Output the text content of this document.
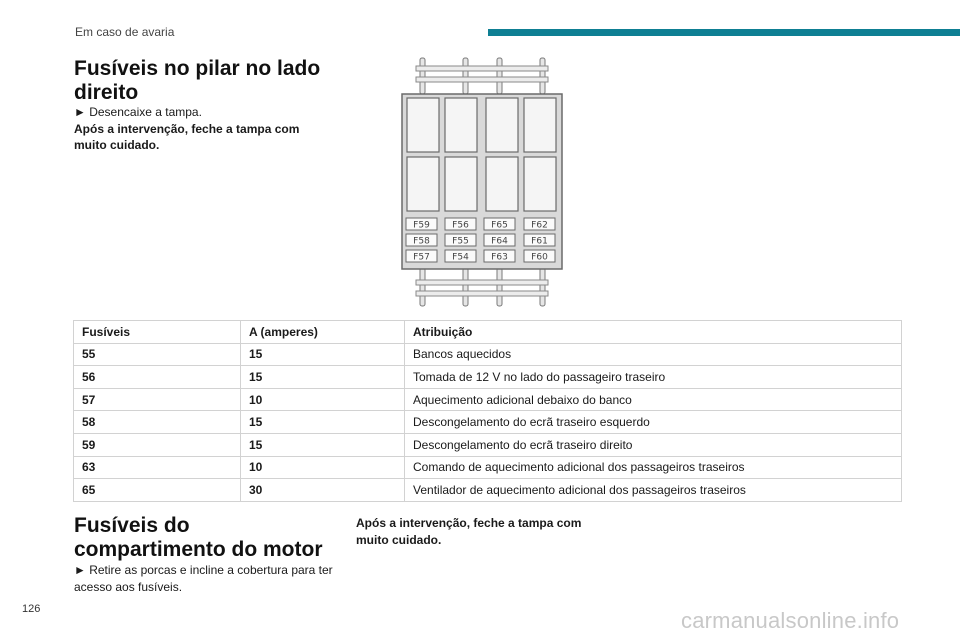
Em caso de avaria
Fusíveis no pilar no lado direito
► Desencaixe a tampa.
Após a intervenção, feche a tampa com muito cuidado.
F59 F56 F65	F62
F58 F55 F64	F61
F57 F54 F63	F60
Fusíveis	A (amperes)	Atribuição
55	15	Bancos aquecidos
56	15	Tomada de 12 V no lado do passageiro traseiro
57	10	Aquecimento adicional debaixo do banco
58	15	Descongelamento do ecrã traseiro esquerdo
59	15	Descongelamento do ecrã traseiro direito
63	10	Comando de aquecimento adicional dos passageiros traseiros
65	30	Ventilador de aquecimento adicional dos passageiros traseiros
Fusíveis do compartimento do motor
► Retire as porcas e incline a cobertura para ter acesso aos fusíveis.
Após a intervenção, feche a tampa com muito cuidado.
126	carmanualsonline.info
